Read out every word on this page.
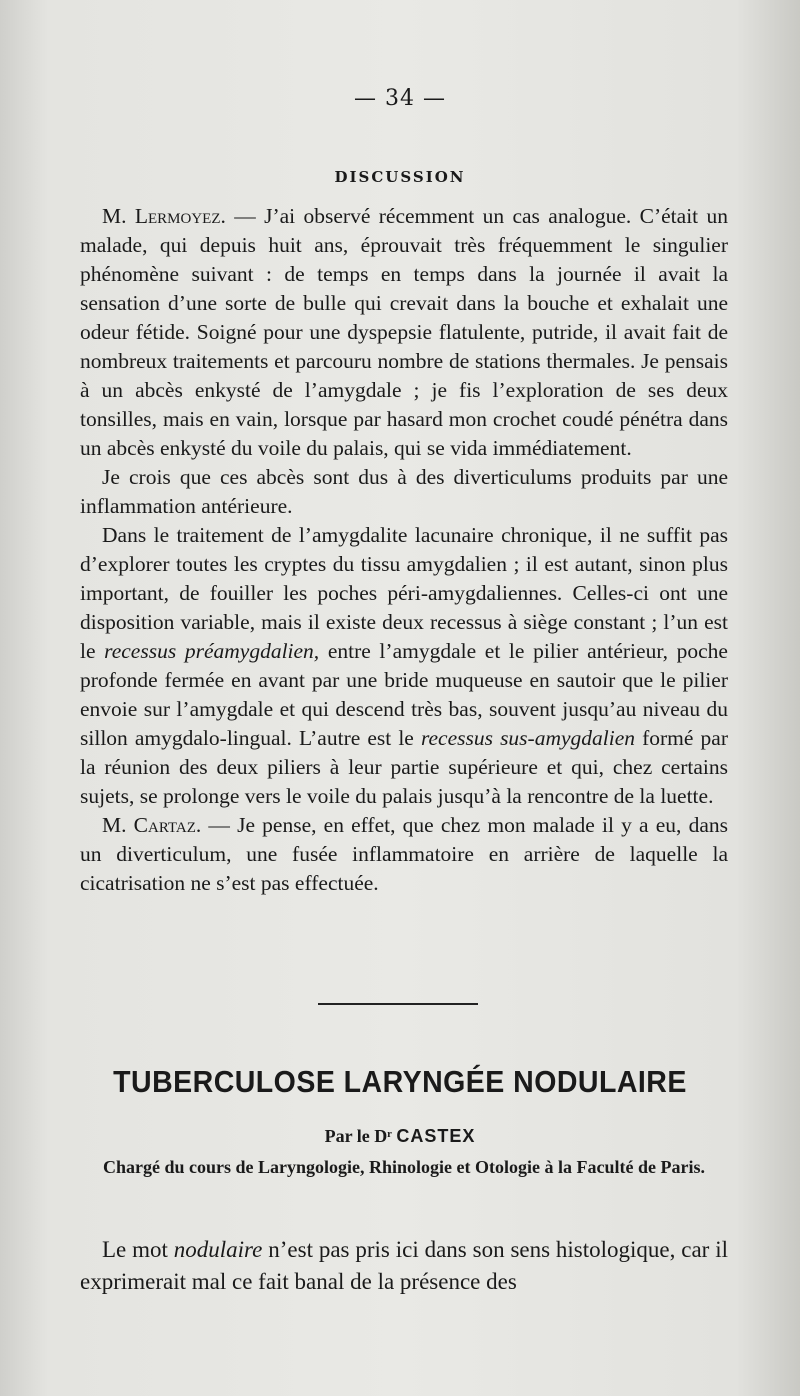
— 34 —
DISCUSSION

M. Lermoyez. — J’ai observé récemment un cas analogue. C’était un malade, qui depuis huit ans, éprouvait très fréquemment le singulier phénomène suivant : de temps en temps dans la journée il avait la sensation d’une sorte de bulle qui crevait dans la bouche et exhalait une odeur fétide. Soigné pour une dyspepsie flatulente, putride, il avait fait de nombreux traitements et parcouru nombre de stations thermales. Je pensais à un abcès enkysté de l’amygdale ; je fis l’exploration de ses deux tonsilles, mais en vain, lorsque par hasard mon crochet coudé pénétra dans un abcès enkysté du voile du palais, qui se vida immédiatement.

Je crois que ces abcès sont dus à des diverticulums produits par une inflammation antérieure.

Dans le traitement de l’amygdalite lacunaire chronique, il ne suffit pas d’explorer toutes les cryptes du tissu amygdalien ; il est autant, sinon plus important, de fouiller les poches péri-amygdaliennes. Celles-ci ont une disposition variable, mais il existe deux recessus à siège constant ; l’un est le recessus préamygdalien, entre l’amygdale et le pilier antérieur, poche profonde fermée en avant par une bride muqueuse en sautoir que le pilier envoie sur l’amygdale et qui descend très bas, souvent jusqu’au niveau du sillon amygdalo-lingual. L’autre est le recessus sus-amygdalien formé par la réunion des deux piliers à leur partie supérieure et qui, chez certains sujets, se prolonge vers le voile du palais jusqu’à la rencontre de la luette.

M. Cartaz. — Je pense, en effet, que chez mon malade il y a eu, dans un diverticulum, une fusée inflammatoire en arrière de laquelle la cicatrisation ne s’est pas effectuée.

TUBERCULOSE LARYNGÉE NODULAIRE
Par le Dʳ CASTEX
Chargé du cours de Laryngologie, Rhinologie et Otologie à la Faculté de Paris.

Le mot nodulaire n’est pas pris ici dans son sens histologique, car il exprimerait mal ce fait banal de la présence des
